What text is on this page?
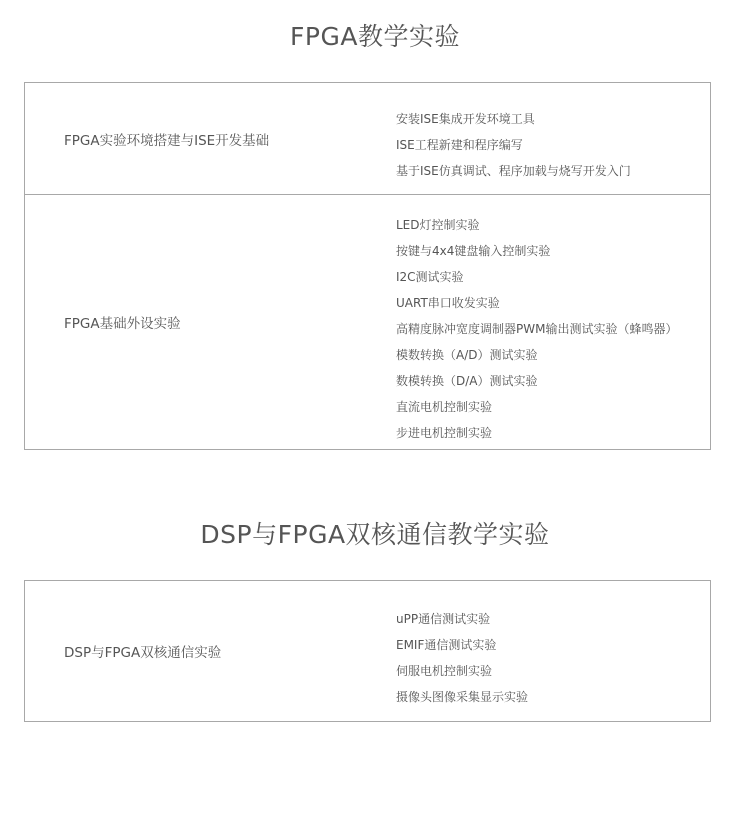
FPGA教学实验
FPGA实验环境搭建与ISE开发基础
安装ISE集成开发环境工具
ISE工程新建和程序编写
基于ISE仿真调试、程序加载与烧写开发入门
FPGA基础外设实验
LED灯控制实验
按键与4x4键盘输入控制实验
I2C测试实验
UART串口收发实验
高精度脉冲宽度调制器PWM输出测试实验（蜂鸣器）
模数转换（A/D）测试实验
数模转换（D/A）测试实验
直流电机控制实验
步进电机控制实验
DSP与FPGA双核通信教学实验
DSP与FPGA双核通信实验
uPP通信测试实验
EMIF通信测试实验
伺服电机控制实验
摄像头图像采集显示实验
